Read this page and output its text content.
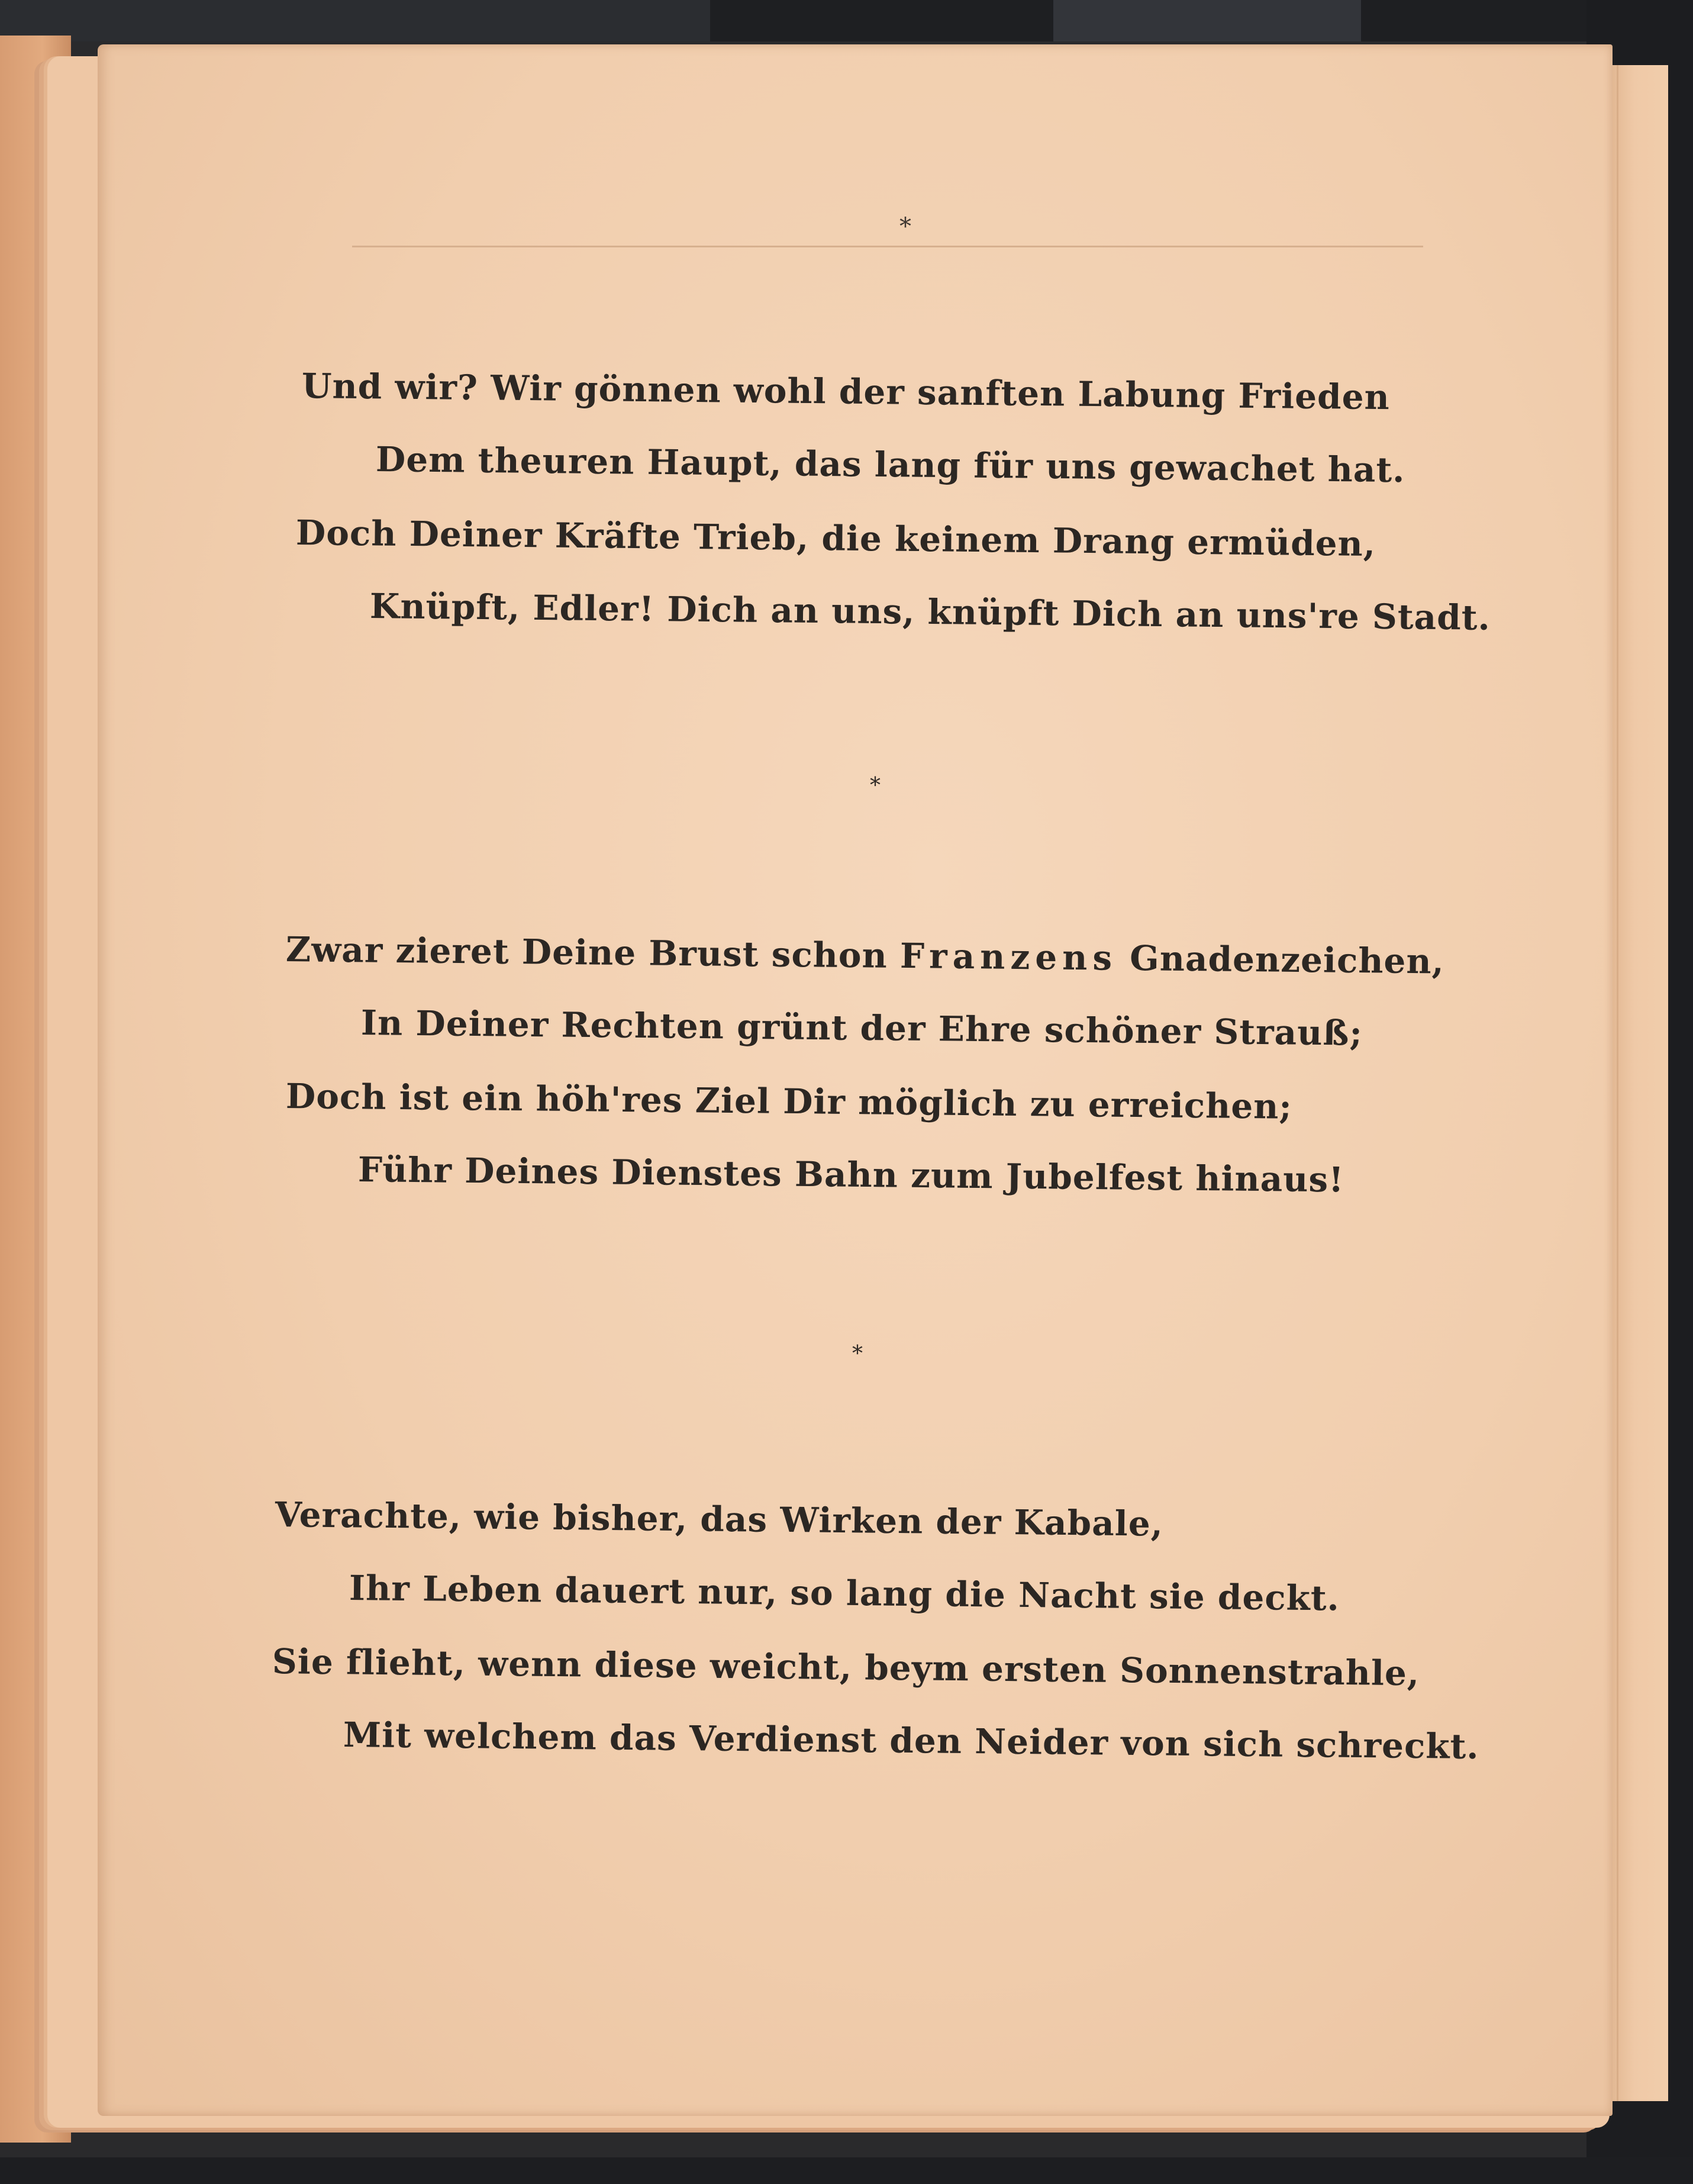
*
Und wir? Wir gönnen wohl der sanften Labung Frieden
Dem theuren Haupt, das lang für uns gewachet hat.
Doch Deiner Kräfte Trieb, die keinem Drang ermüden,
Knüpft, Edler! Dich an uns, knüpft Dich an uns're Stadt.
*
Zwar zieret Deine Brust schon Franzens Gnadenzeichen,
In Deiner Rechten grünt der Ehre schöner Strauß;
Doch ist ein höh'res Ziel Dir möglich zu erreichen;
Führ Deines Dienstes Bahn zum Jubelfest hinaus!
*
Verachte, wie bisher, das Wirken der Kabale,
Ihr Leben dauert nur, so lang die Nacht sie deckt.
Sie flieht, wenn diese weicht, beym ersten Sonnenstrahle,
Mit welchem das Verdienst den Neider von sich schreckt.
